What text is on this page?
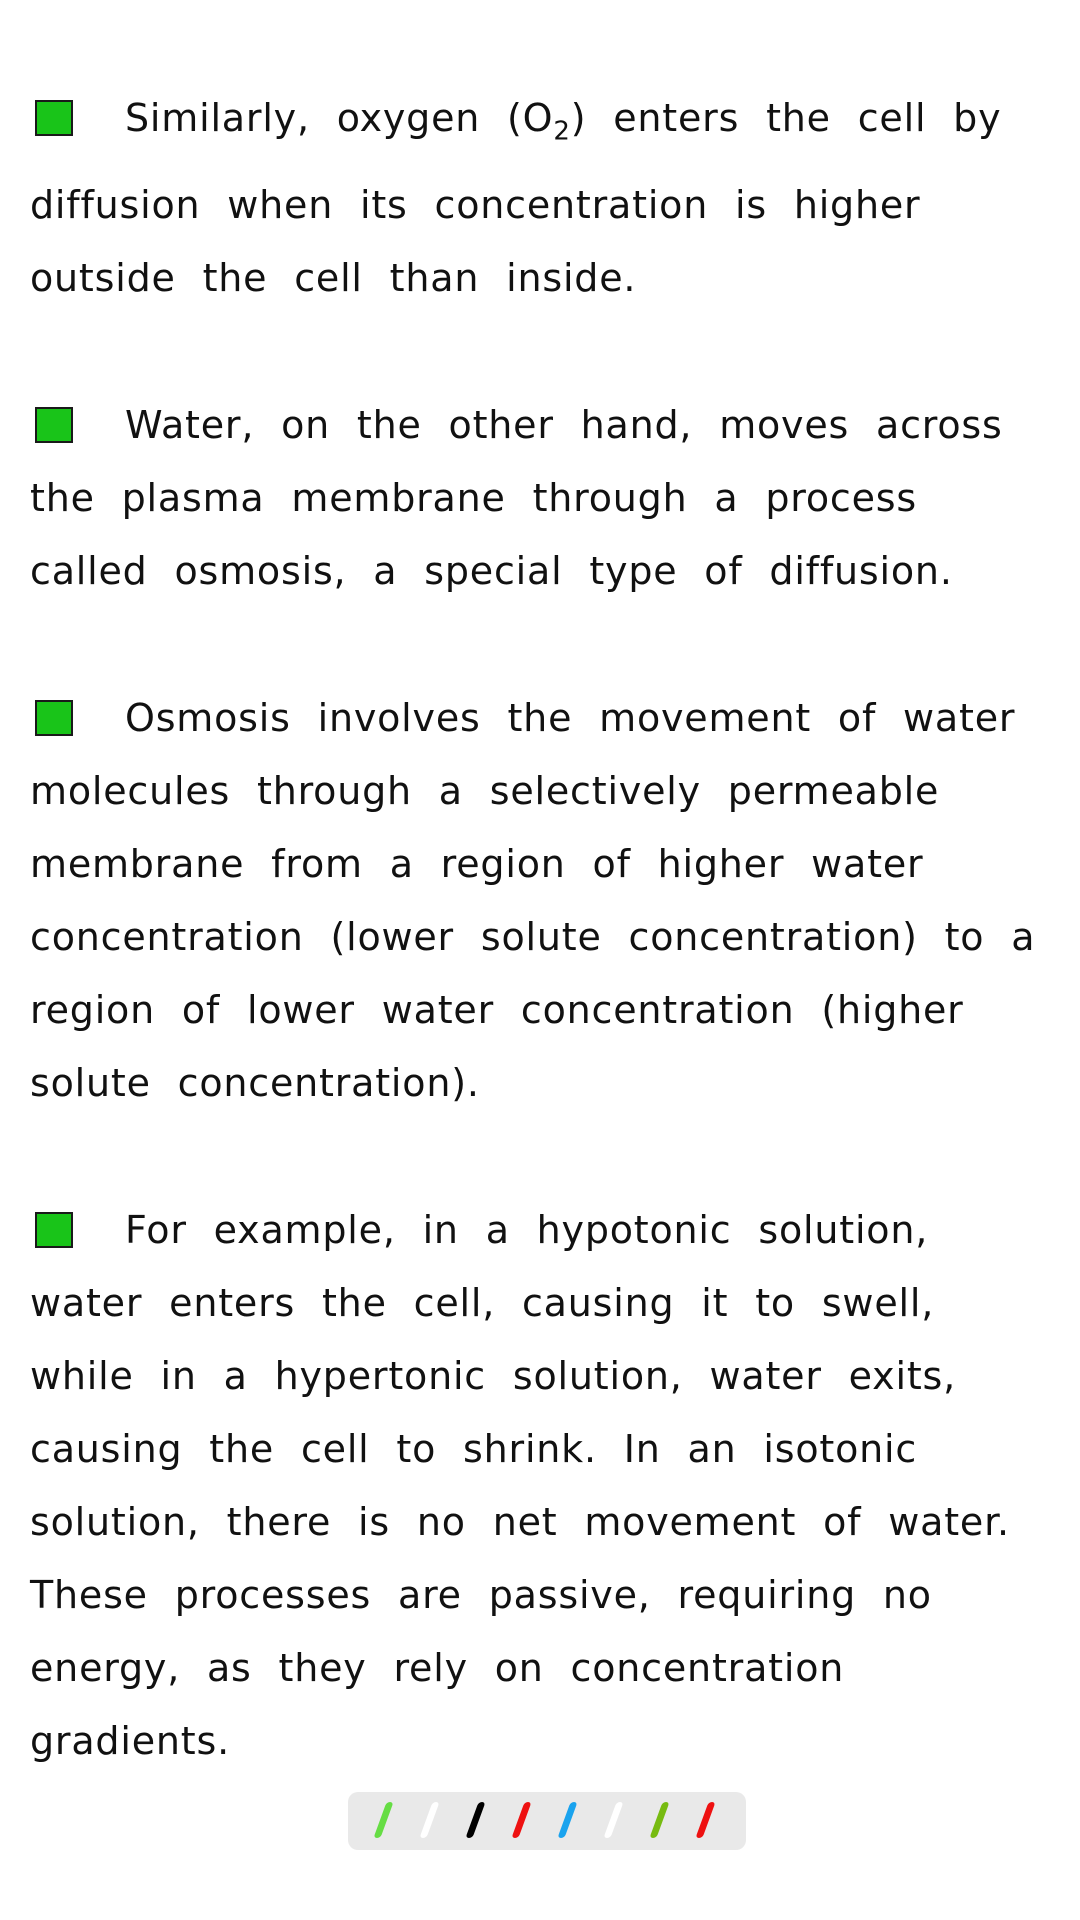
Similarly, oxygen $(O_2)$ enters the cell by diffusion when its concentration is higher outside the cell than inside.

Water, on the other hand, moves across the plasma membrane through a process called osmosis, a special type of diffusion.

Osmosis involves the movement of water molecules through a selectively permeable membrane from a region of higher water concentration (lower solute concentration) to a region of lower water concentration (higher solute concentration).

For example, in a hypotonic solution, water enters the cell, causing it to swell, while in a hypertonic solution, water exits, causing the cell to shrink. In an isotonic solution, there is no net movement of water. These processes are passive, requiring no energy, as they rely on concentration gradients.
